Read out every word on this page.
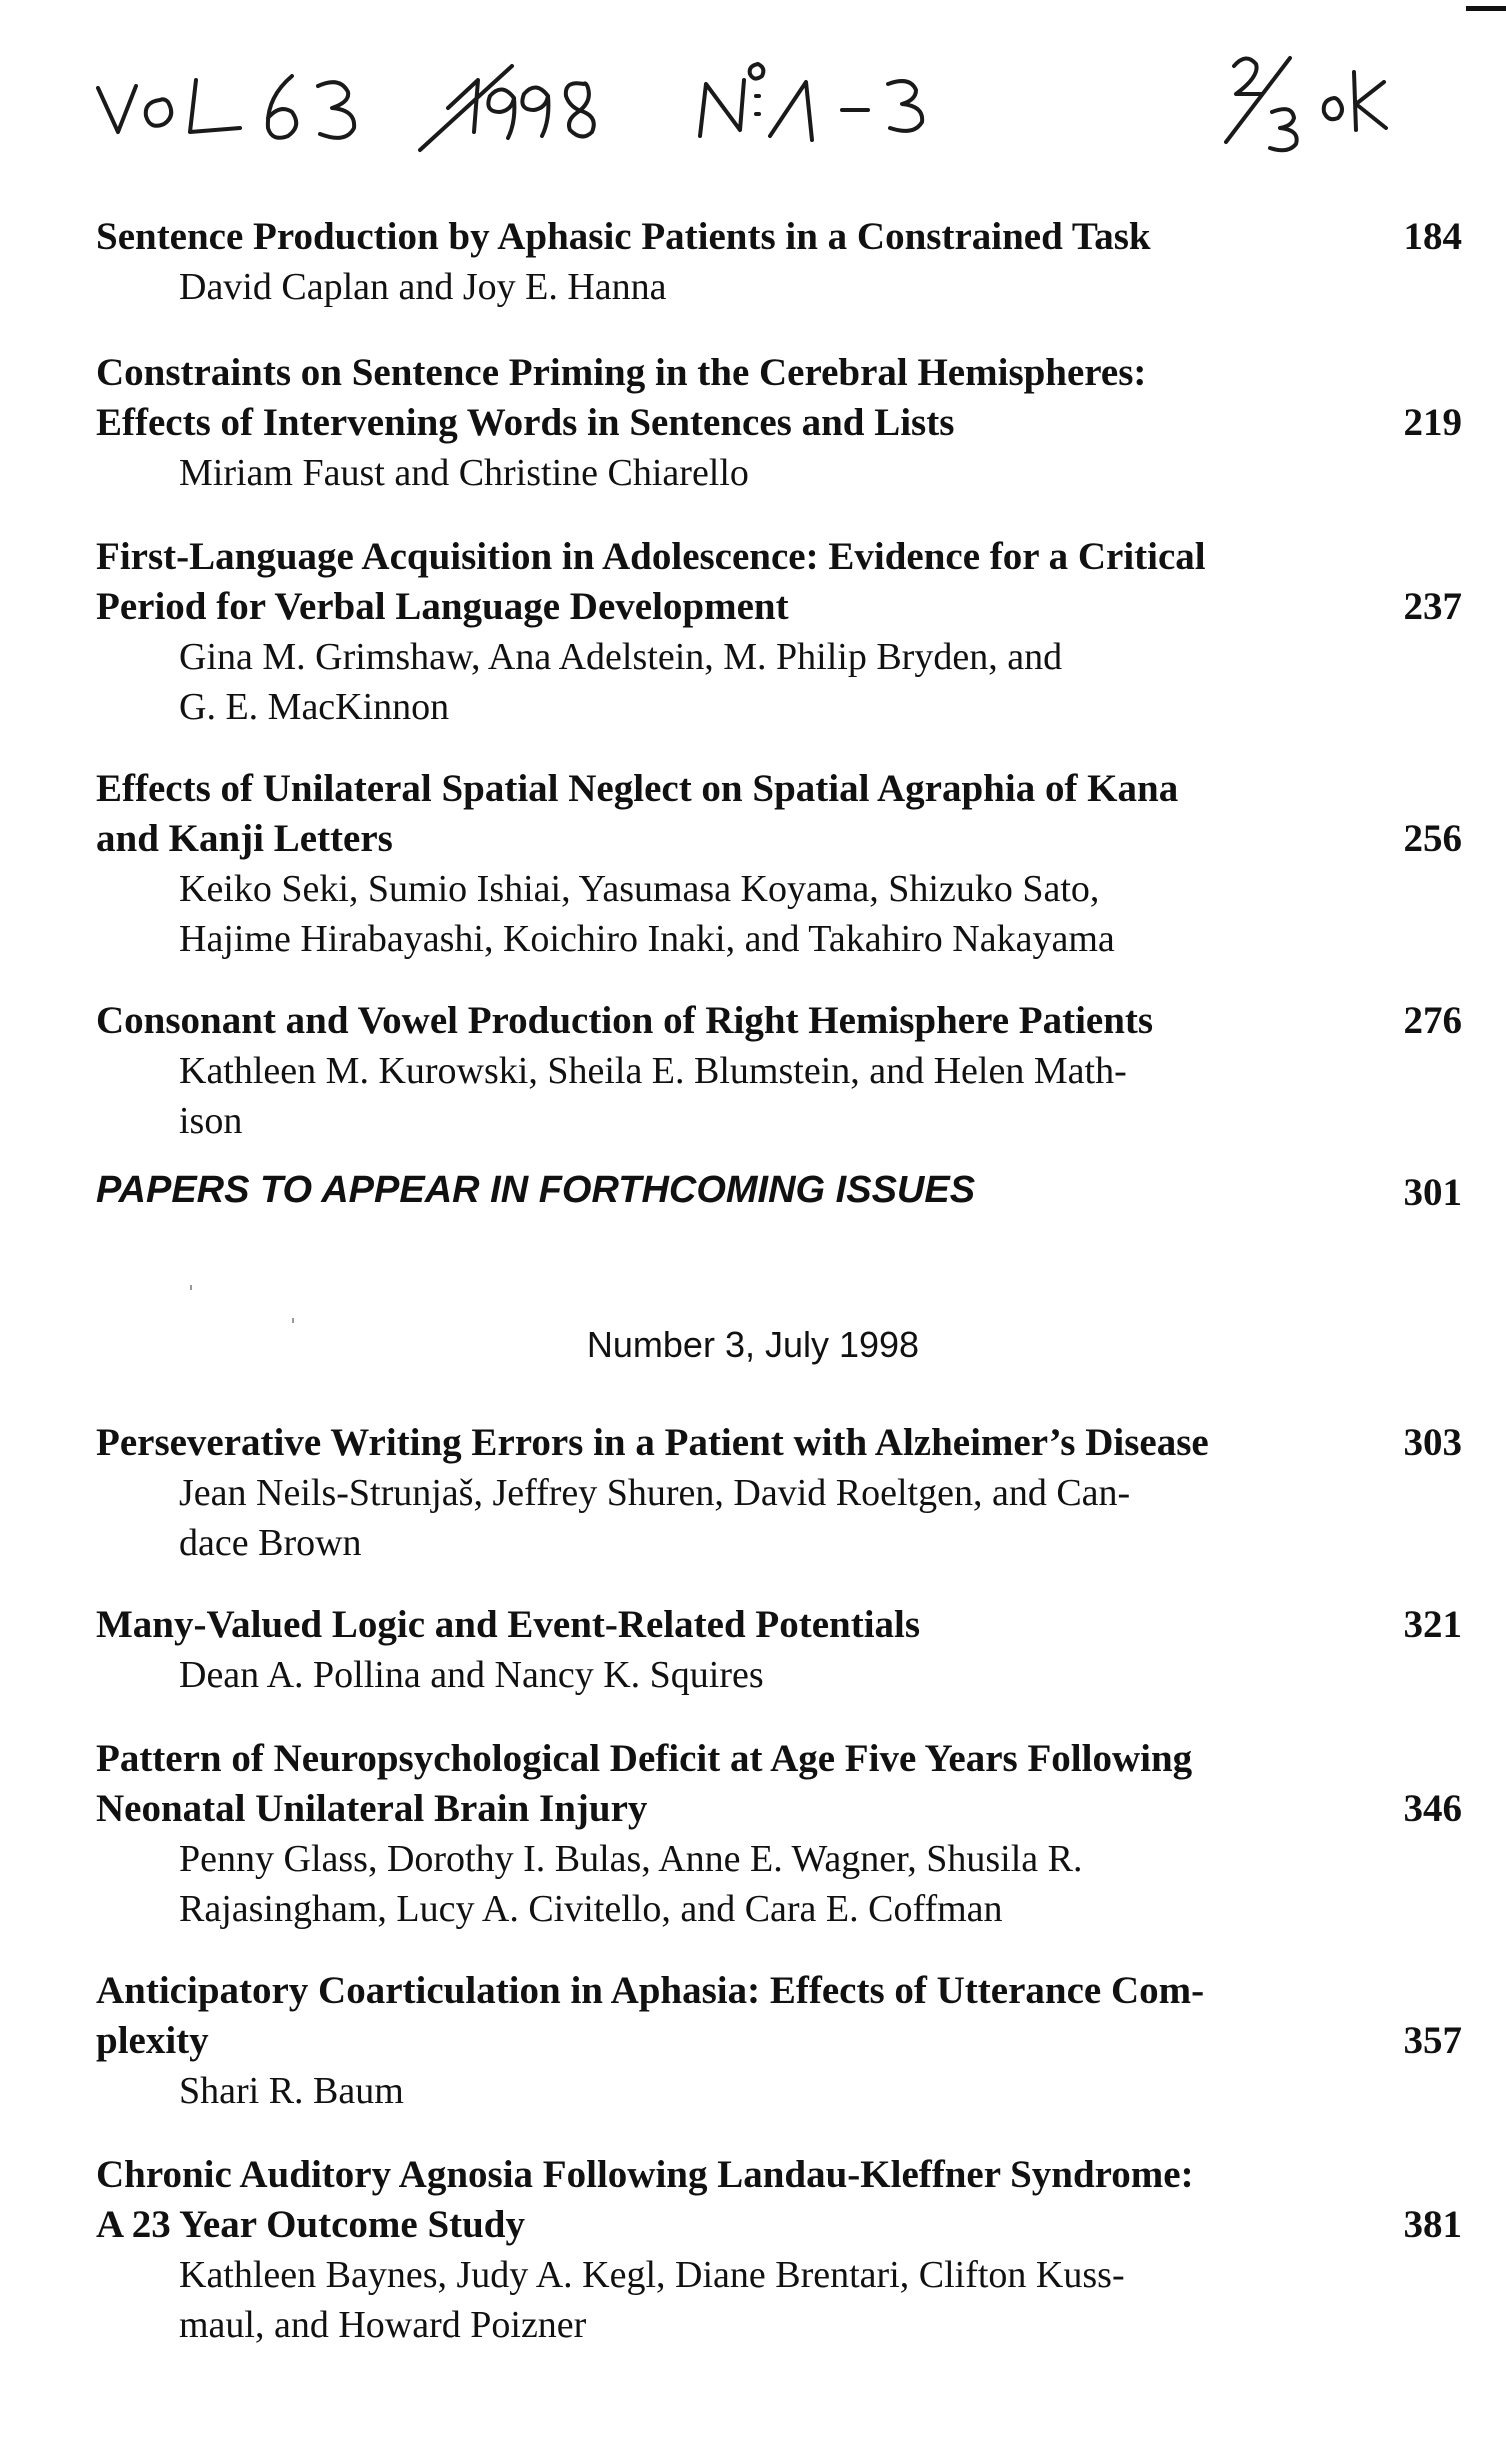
Sentence Production by Aphasic Patients in a Constrained Task
David Caplan and Joy E. Hanna
184
Constraints on Sentence Priming in the Cerebral Hemispheres:
Effects of Intervening Words in Sentences and Lists
Miriam Faust and Christine Chiarello
219
First-Language Acquisition in Adolescence: Evidence for a Critical
Period for Verbal Language Development
Gina M. Grimshaw, Ana Adelstein, M. Philip Bryden, and
G. E. MacKinnon
237
Effects of Unilateral Spatial Neglect on Spatial Agraphia of Kana
and Kanji Letters
Keiko Seki, Sumio Ishiai, Yasumasa Koyama, Shizuko Sato,
Hajime Hirabayashi, Koichiro Inaki, and Takahiro Nakayama
256
Consonant and Vowel Production of Right Hemisphere Patients
Kathleen M. Kurowski, Sheila E. Blumstein, and Helen Math-
ison
276
PAPERS TO APPEAR IN FORTHCOMING ISSUES	301
Number 3, July 1998
Perseverative Writing Errors in a Patient with Alzheimer’s Disease
Jean Neils-Strunjaš, Jeffrey Shuren, David Roeltgen, and Can-
dace Brown
303
Many-Valued Logic and Event-Related Potentials
Dean A. Pollina and Nancy K. Squires
321
Pattern of Neuropsychological Deficit at Age Five Years Following
Neonatal Unilateral Brain Injury
Penny Glass, Dorothy I. Bulas, Anne E. Wagner, Shusila R.
Rajasingham, Lucy A. Civitello, and Cara E. Coffman
346
Anticipatory Coarticulation in Aphasia: Effects of Utterance Com-
plexity
Shari R. Baum
357
Chronic Auditory Agnosia Following Landau-Kleffner Syndrome:
A 23 Year Outcome Study
Kathleen Baynes, Judy A. Kegl, Diane Brentari, Clifton Kuss-
maul, and Howard Poizner
381
